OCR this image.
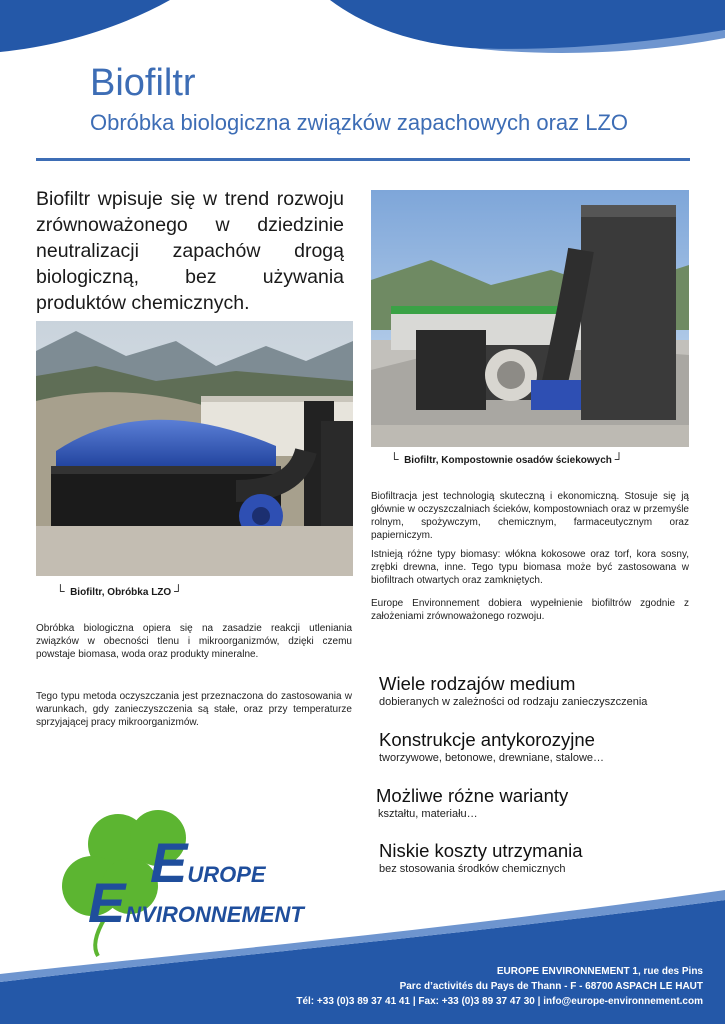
Biofiltr
Obróbka biologiczna związków zapachowych oraz LZO
Biofiltr wpisuje się w trend rozwoju zrównoważonego w dziedzinie neutralizacji zapachów drogą biologiczną, bez używania produktów chemicznych.
└ Biofiltr, Obróbka LZO ┘
└ Biofiltr, Kompostownie osadów ściekowych ┘
Biofiltracja jest technologią skuteczną i ekonomiczną. Stosuje się ją głównie w oczyszczalniach ścieków, kompostowniach oraz w przemyśle rolnym, spożywczym, chemicznym, farmaceutycznym oraz papierniczym.
Istnieją różne typy biomasy: włókna kokosowe oraz torf, kora sosny, zrębki drewna, inne. Tego typu biomasa może być zastosowana w biofiltrach otwartych oraz zamkniętych.
Europe Environnement dobiera wypełnienie biofiltrów zgodnie z założeniami zrównoważonego rozwoju.
Obróbka biologiczna opiera się na zasadzie reakcji utleniania związków w obecności tlenu i mikroorganizmów, dzięki czemu powstaje biomasa, woda oraz produkty mineralne.
Tego typu metoda oczyszczania jest przeznaczona do zastosowania w warunkach, gdy zanieczyszczenia są stałe, oraz przy temperaturze sprzyjającej pracy mikroorganizmów.
Wiele rodzajów medium
dobieranych w zależności od rodzaju zanieczyszczenia
Konstrukcje antykorozyjne
tworzywowe, betonowe, drewniane, stalowe…
Możliwe różne warianty
kształtu, materiału…
Niskie koszty utrzymania
bez stosowania środków chemicznych
EUROPE
ENVIRONNEMENT
EUROPE ENVIRONNEMENT 1, rue des Pins
Parc d’activités du Pays de Thann - F - 68700 ASPACH LE HAUT
Tél: +33 (0)3 89 37 41 41 | Fax: +33 (0)3 89 37 47 30 | info@europe-environnement.com
